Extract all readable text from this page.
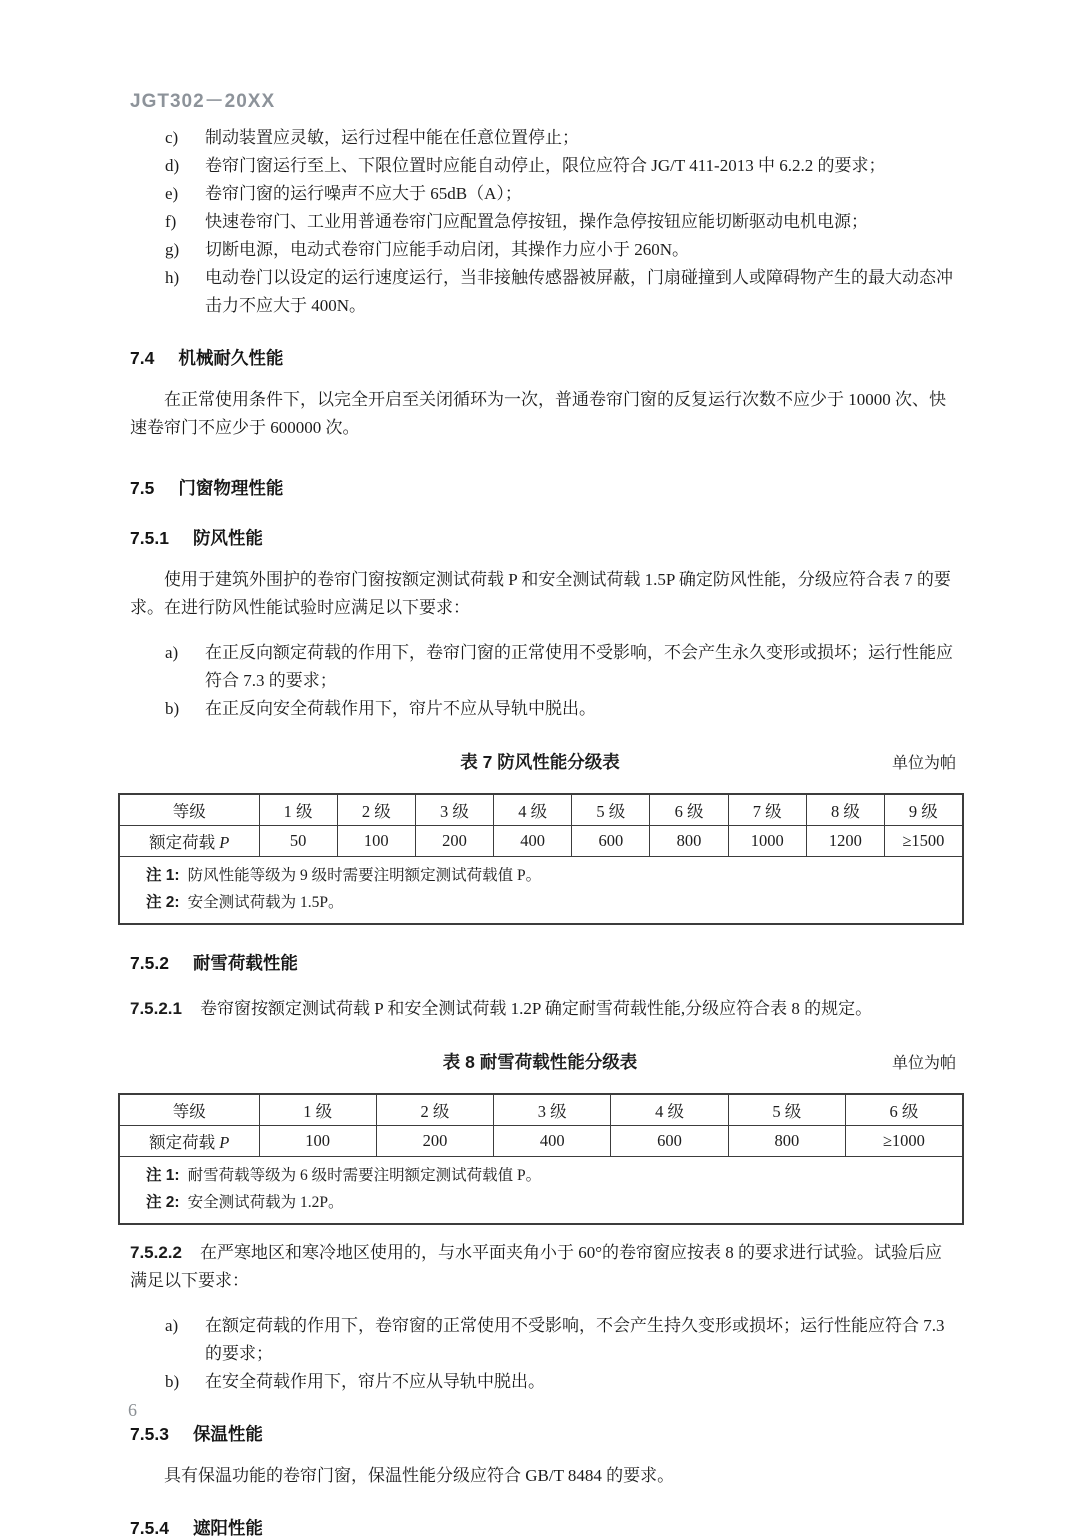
JGT302－20XX
c)	制动装置应灵敏，运行过程中能在任意位置停止；
d)	卷帘门窗运行至上、下限位置时应能自动停止，限位应符合 JG/T 411-2013 中 6.2.2 的要求；
e)	卷帘门窗的运行噪声不应大于 65dB（A）；
f)	快速卷帘门、工业用普通卷帘门应配置急停按钮，操作急停按钮应能切断驱动电机电源；
g)	切断电源，电动式卷帘门应能手动启闭，其操作力应小于 260N。
h)	电动卷门以设定的运行速度运行，当非接触传感器被屏蔽，门扇碰撞到人或障碍物产生的最大动态冲击力不应大于 400N。
7.4 机械耐久性能

在正常使用条件下，以完全开启至关闭循环为一次，普通卷帘门窗的反复运行次数不应少于 10000 次、快速卷帘门不应少于 600000 次。

7.5 门窗物理性能
7.5.1 防风性能

使用于建筑外围护的卷帘门窗按额定测试荷载 P 和安全测试荷载 1.5P 确定防风性能，分级应符合表 7 的要求。在进行防风性能试验时应满足以下要求：

a)	在正反向额定荷载的作用下，卷帘门窗的正常使用不受影响，不会产生永久变形或损坏；运行性能应符合 7.3 的要求；
b)	在正反向安全荷载作用下，帘片不应从导轨中脱出。
表 7 防风性能分级表	单位为帕
等级	1 级	2 级	3 级	4 级	5 级	6 级	7 级	8 级	9 级
额定荷载 P	50	100	200	400	600	800	1000	1200	≥1500

注 1: 防风性能等级为 9 级时需要注明额定测试荷载值 P。
注 2: 安全测试荷载为 1.5P。									
7.5.2 耐雪荷载性能

7.5.2.1 卷帘窗按额定测试荷载 P 和安全测试荷载 1.2P 确定耐雪荷载性能,分级应符合表 8 的规定。

表 8 耐雪荷载性能分级表	单位为帕
等级	1 级	2 级	3 级	4 级	5 级	6 级
额定荷载 P	100	200	400	600	800	≥1000

注 1: 耐雪荷载等级为 6 级时需要注明额定测试荷载值 P。
注 2: 安全测试荷载为 1.2P。						

7.5.2.2 在严寒地区和寒冷地区使用的，与水平面夹角小于 60°的卷帘窗应按表 8 的要求进行试验。试验后应满足以下要求：

a)	在额定荷载的作用下，卷帘窗的正常使用不受影响，不会产生持久变形或损坏；运行性能应符合 7.3 的要求；
b)	在安全荷载作用下，帘片不应从导轨中脱出。
7.5.3 保温性能

具有保温功能的卷帘门窗，保温性能分级应符合 GB/T 8484 的要求。

7.5.4 遮阳性能
6
